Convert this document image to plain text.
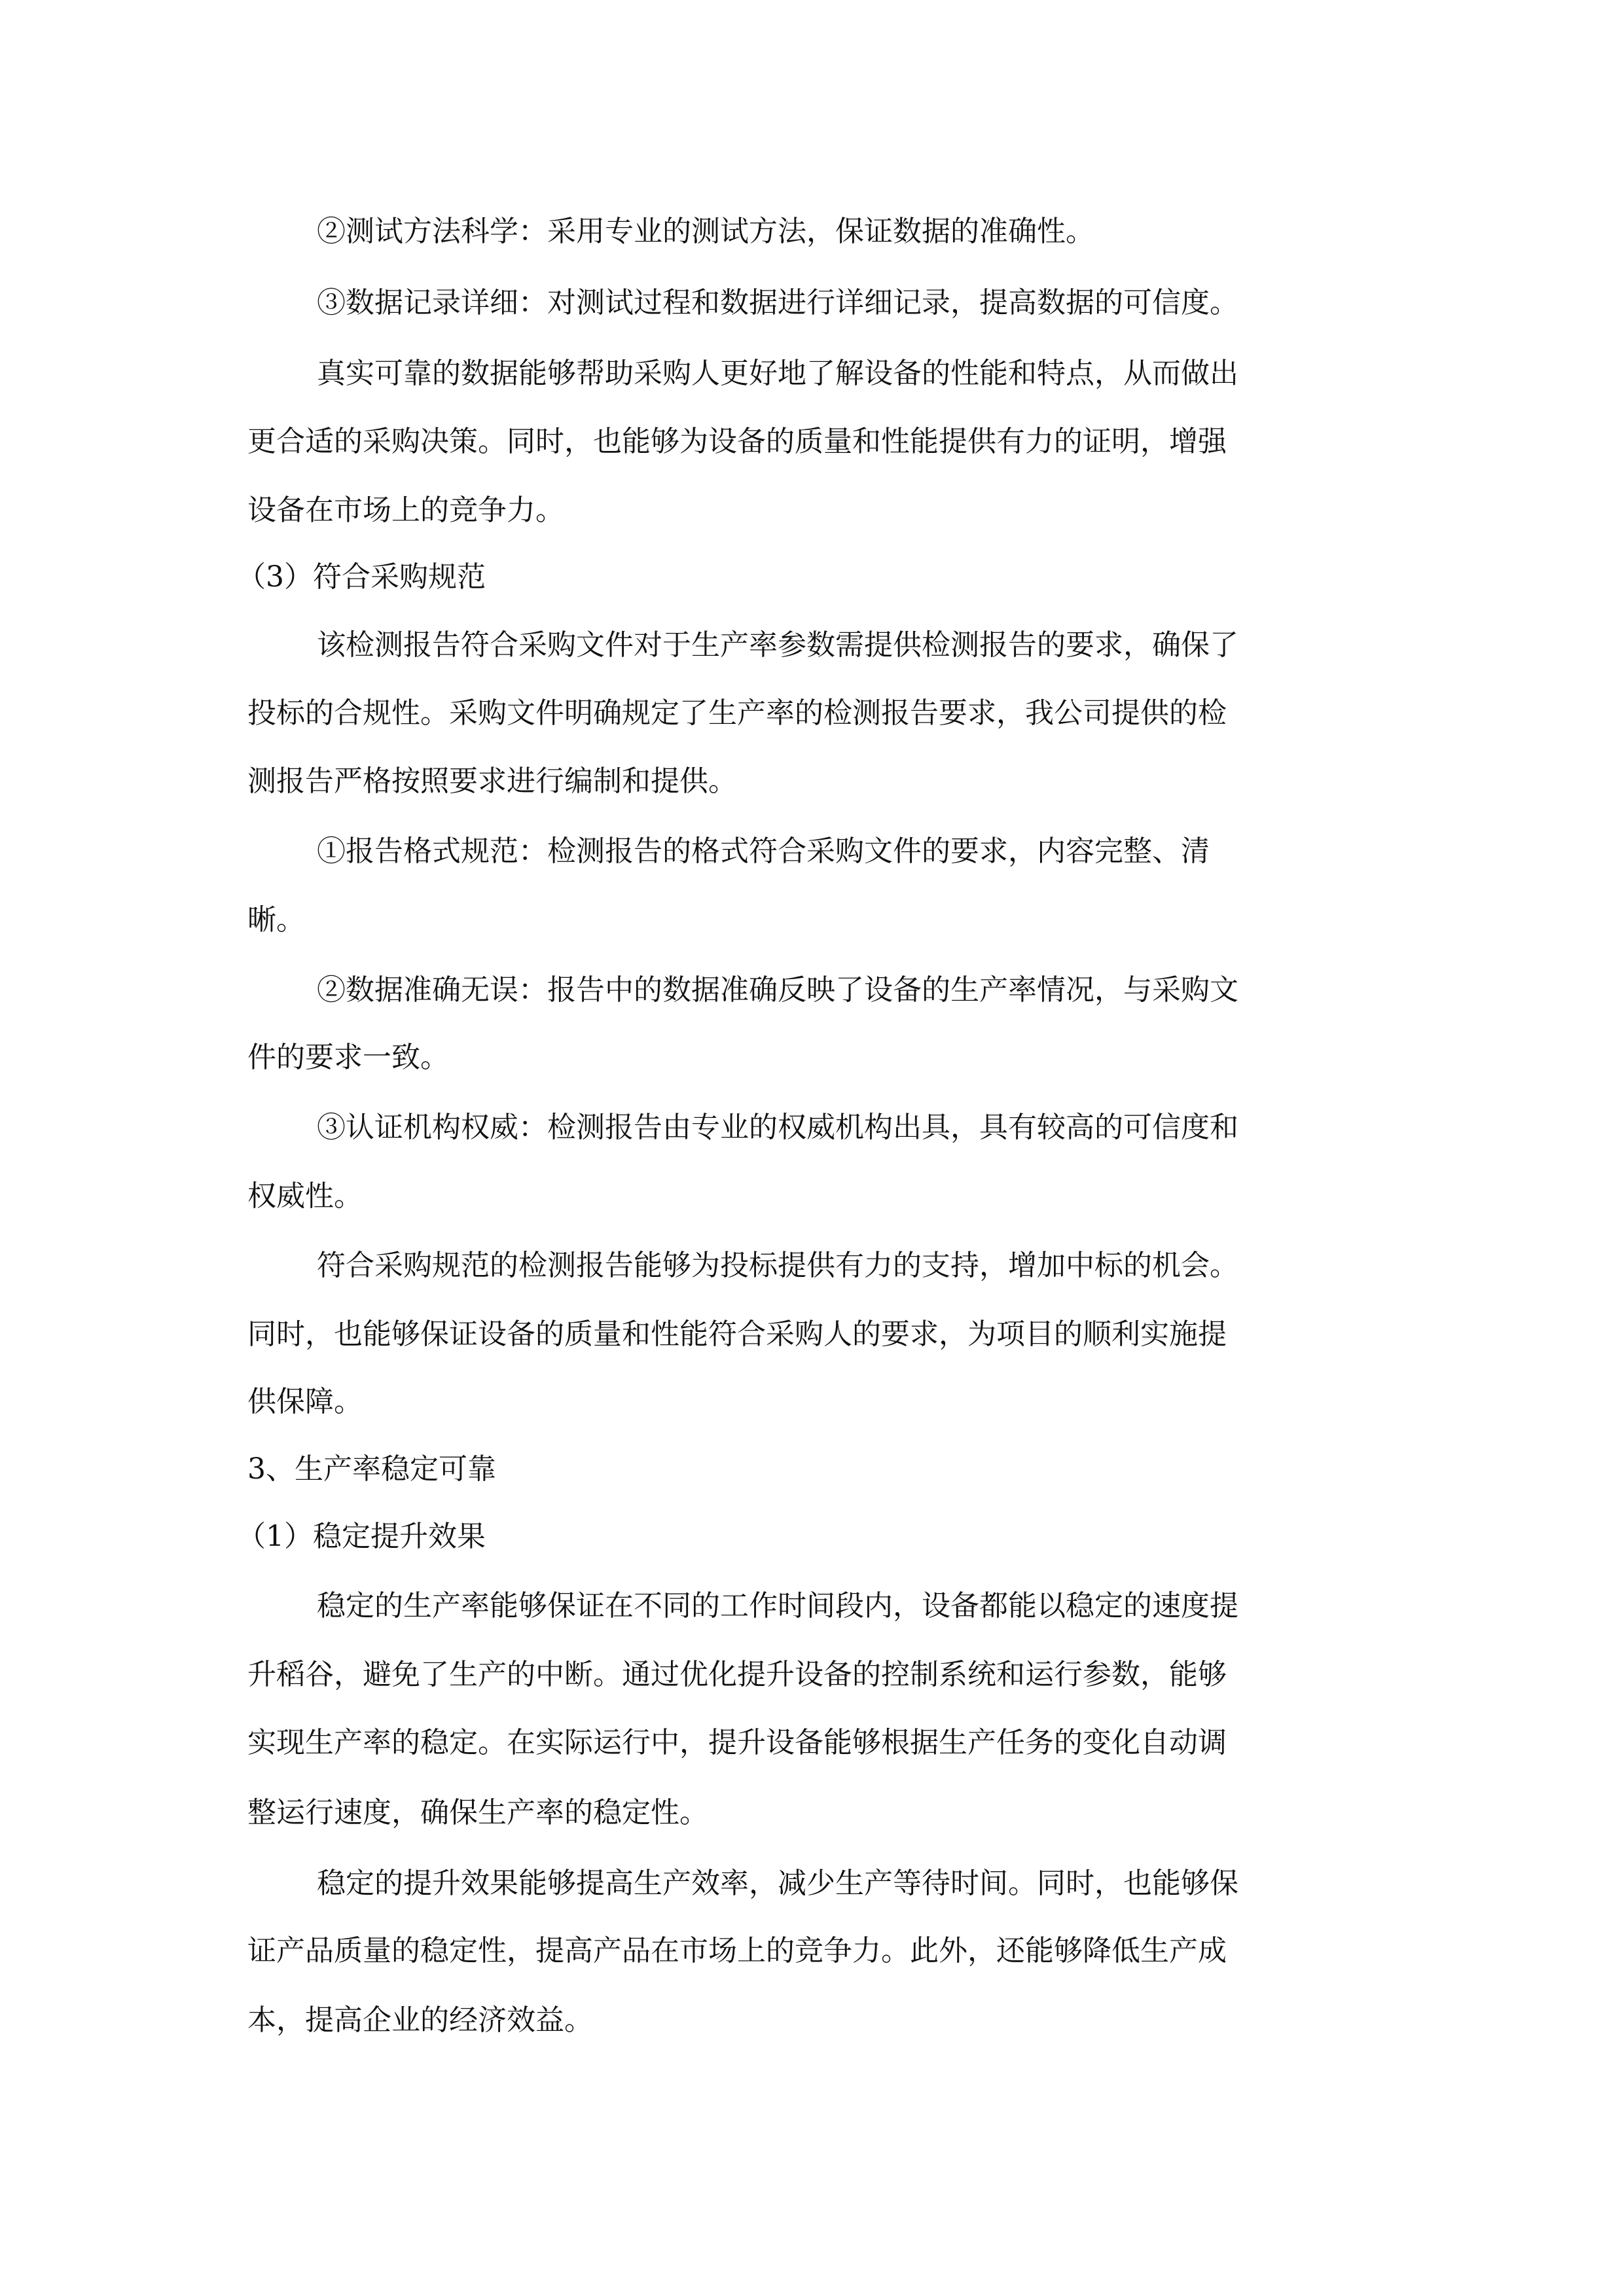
②测试方法科学：采用专业的测试方法，保证数据的准确性。
③数据记录详细：对测试过程和数据进行详细记录，提高数据的可信度。
真实可靠的数据能够帮助采购人更好地了解设备的性能和特点，从而做出
更合适的采购决策。同时，也能够为设备的质量和性能提供有力的证明，增强
设备在市场上的竞争力。
（3）符合采购规范
该检测报告符合采购文件对于生产率参数需提供检测报告的要求，确保了
投标的合规性。采购文件明确规定了生产率的检测报告要求，我公司提供的检
测报告严格按照要求进行编制和提供。
①报告格式规范：检测报告的格式符合采购文件的要求，内容完整、清
晰。
②数据准确无误：报告中的数据准确反映了设备的生产率情况，与采购文
件的要求一致。
③认证机构权威：检测报告由专业的权威机构出具，具有较高的可信度和
权威性。
符合采购规范的检测报告能够为投标提供有力的支持，增加中标的机会。
同时，也能够保证设备的质量和性能符合采购人的要求，为项目的顺利实施提
供保障。
3、生产率稳定可靠
（1）稳定提升效果
稳定的生产率能够保证在不同的工作时间段内，设备都能以稳定的速度提
升稻谷，避免了生产的中断。通过优化提升设备的控制系统和运行参数，能够
实现生产率的稳定。在实际运行中，提升设备能够根据生产任务的变化自动调
整运行速度，确保生产率的稳定性。
稳定的提升效果能够提高生产效率，减少生产等待时间。同时，也能够保
证产品质量的稳定性，提高产品在市场上的竞争力。此外，还能够降低生产成
本，提高企业的经济效益。
